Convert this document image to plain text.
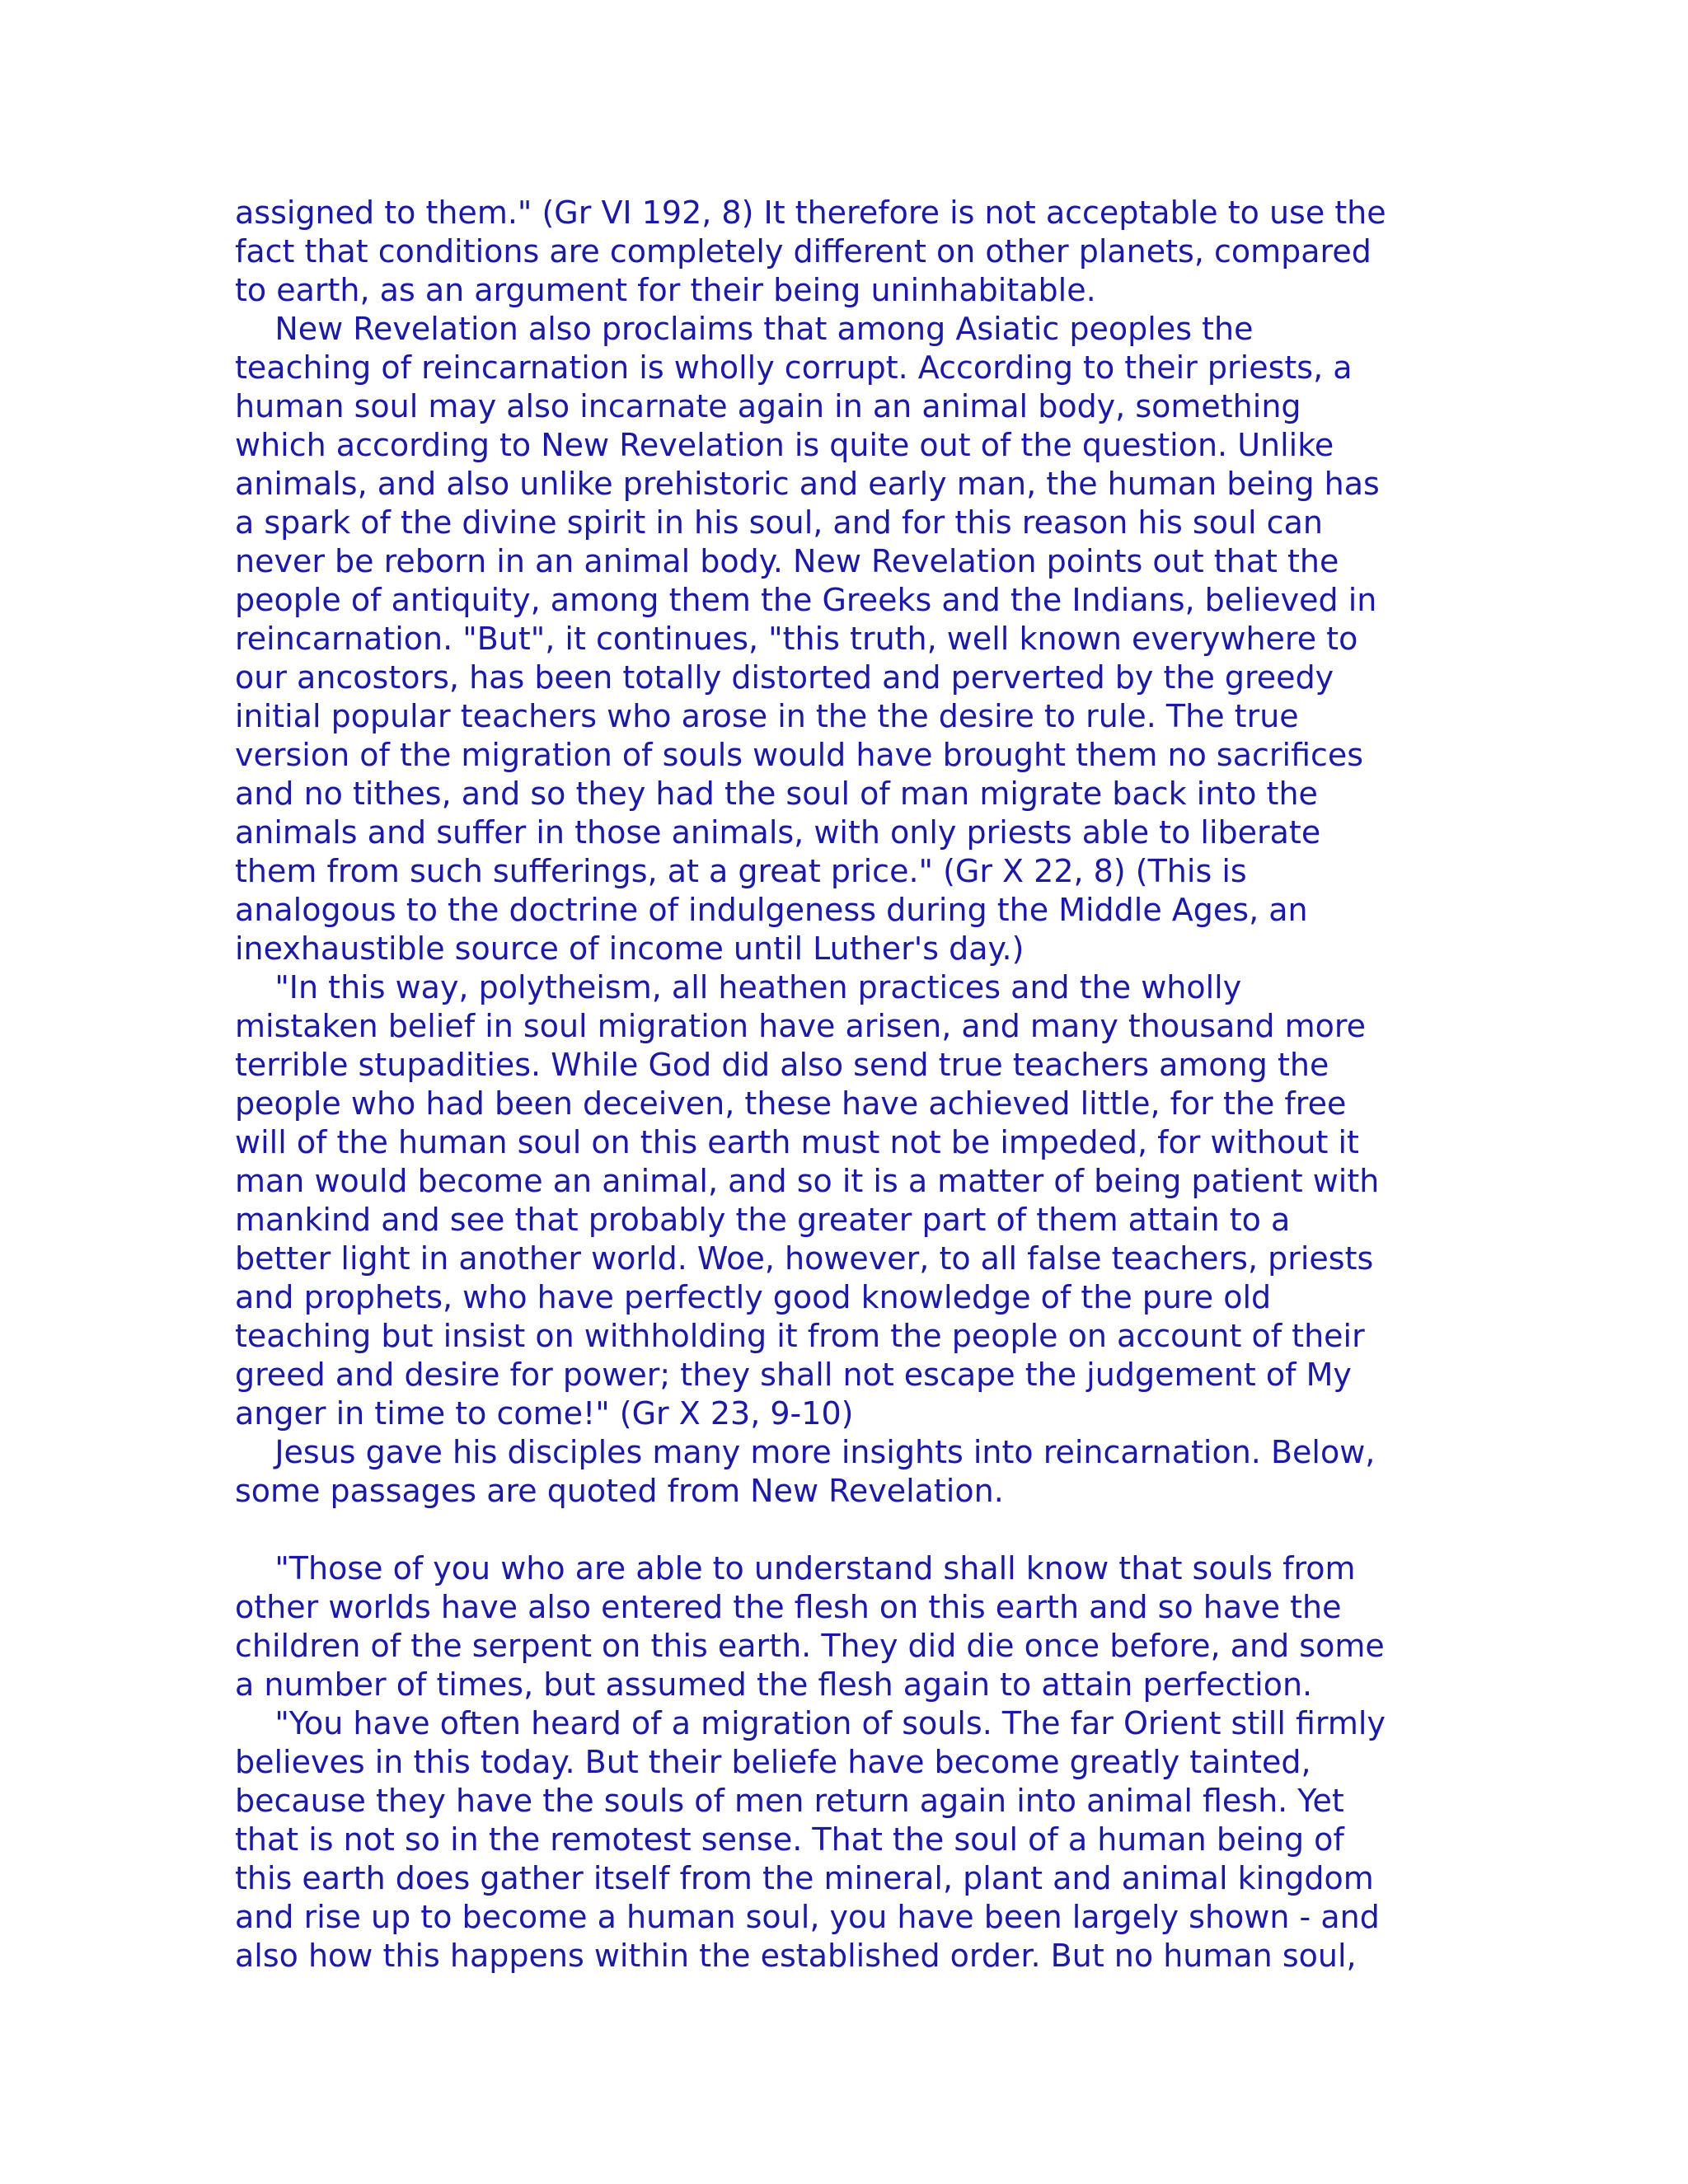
assigned to them." (Gr VI 192, 8) It therefore is not acceptable to use the
fact that conditions are completely different on other planets, compared
to earth, as an argument for their being uninhabitable.
New Revelation also proclaims that among Asiatic peoples the
teaching of reincarnation is wholly corrupt. According to their priests, a
human soul may also incarnate again in an animal body, something
which according to New Revelation is quite out of the question. Unlike
animals, and also unlike prehistoric and early man, the human being has
a spark of the divine spirit in his soul, and for this reason his soul can
never be reborn in an animal body. New Revelation points out that the
people of antiquity, among them the Greeks and the Indians, believed in
reincarnation. "But", it continues, "this truth, well known everywhere to
our ancostors, has been totally distorted and perverted by the greedy
initial popular teachers who arose in the the desire to rule. The true
version of the migration of souls would have brought them no sacrifices
and no tithes, and so they had the soul of man migrate back into the
animals and suffer in those animals, with only priests able to liberate
them from such sufferings, at a great price." (Gr X 22, 8) (This is
analogous to the doctrine of indulgeness during the Middle Ages, an
inexhaustible source of income until Luther's day.)
"In this way, polytheism, all heathen practices and the wholly
mistaken belief in soul migration have arisen, and many thousand more
terrible stupadities. While God did also send true teachers among the
people who had been deceiven, these have achieved little, for the free
will of the human soul on this earth must not be impeded, for without it
man would become an animal, and so it is a matter of being patient with
mankind and see that probably the greater part of them attain to a
better light in another world. Woe, however, to all false teachers, priests
and prophets, who have perfectly good knowledge of the pure old
teaching but insist on withholding it from the people on account of their
greed and desire for power; they shall not escape the judgement of My
anger in time to come!" (Gr X 23, 9-10)
Jesus gave his disciples many more insights into reincarnation. Below,
some passages are quoted from New Revelation.
"Those of you who are able to understand shall know that souls from
other worlds have also entered the flesh on this earth and so have the
children of the serpent on this earth. They did die once before, and some
a number of times, but assumed the flesh again to attain perfection.
"You have often heard of a migration of souls. The far Orient still firmly
believes in this today. But their beliefe have become greatly tainted,
because they have the souls of men return again into animal flesh. Yet
that is not so in the remotest sense. That the soul of a human being of
this earth does gather itself from the mineral, plant and animal kingdom
and rise up to become a human soul, you have been largely shown - and
also how this happens within the established order. But no human soul,
